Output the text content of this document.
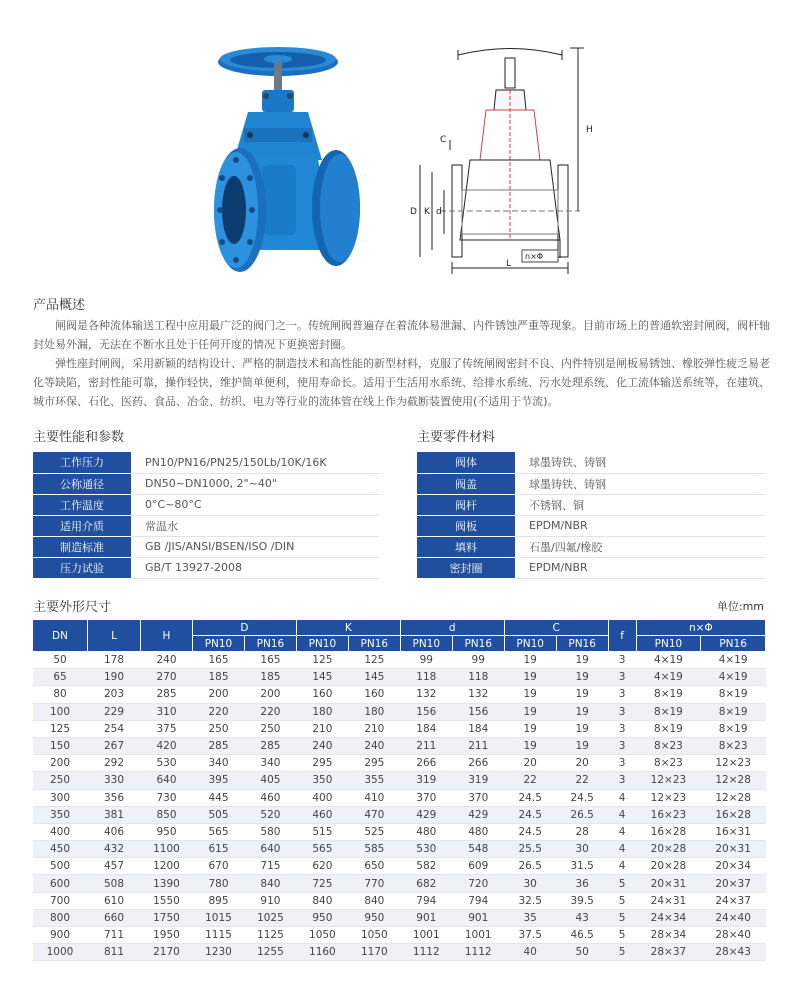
H
D K d
C
L
n×Φ
产品概述

闸阀是各种流体输送工程中应用最广泛的阀门之一。传统闸阀普遍存在着流体易泄漏、内件锈蚀严重等现象。目前市场上的普通软密封闸阀，阀杆轴封处易外漏，无法在不断水且处于任何开度的情况下更换密封圈。

弹性座封闸阀，采用新颖的结构设计、严格的制造技术和高性能的新型材料，克服了传统闸阀密封不良、内件特别是闸板易锈蚀、橡胶弹性疲乏易老化等缺陷，密封性能可靠，操作轻快，维护简单便利，使用寿命长。适用于生活用水系统、给排水系统、污水处理系统、化工流体输送系统等，在建筑、城市环保、石化、医药、食品、冶金、纺织、电力等行业的流体管在线上作为截断装置使用(不适用于节流)。

主要性能和参数
工作压力	PN10/PN16/PN25/150Lb/10K/16K
公称通径	DN50~DN1000, 2"~40"
工作温度	0°C~80°C
适用介质	常温水
制造标准	GB /JIS/ANSI/BSEN/ISO /DIN
压力试验	GB/T 13927-2008
主要零件材料
阀体	球墨铸铁、铸钢
阀盖	球墨铸铁、铸钢
阀杆	不锈钢、铜
阀板	EPDM/NBR
填料	石墨/四氟/橡胶
密封圈	EPDM/NBR
主要外形尺寸	单位:mm
DN	L	H	D		K		d		C		f	n×Φ	
			PN10	PN16	PN10	PN16	PN10	PN16	PN10	PN16		PN10	PN16
50	178	240	165	165	125	125	99	99	19	19	3	4×19	4×19
65	190	270	185	185	145	145	118	118	19	19	3	4×19	4×19
80	203	285	200	200	160	160	132	132	19	19	3	8×19	8×19
100	229	310	220	220	180	180	156	156	19	19	3	8×19	8×19
125	254	375	250	250	210	210	184	184	19	19	3	8×19	8×19
150	267	420	285	285	240	240	211	211	19	19	3	8×23	8×23
200	292	530	340	340	295	295	266	266	20	20	3	8×23	12×23
250	330	640	395	405	350	355	319	319	22	22	3	12×23	12×28
300	356	730	445	460	400	410	370	370	24.5	24.5	4	12×23	12×28
350	381	850	505	520	460	470	429	429	24.5	26.5	4	16×23	16×28
400	406	950	565	580	515	525	480	480	24.5	28	4	16×28	16×31
450	432	1100	615	640	565	585	530	548	25.5	30	4	20×28	20×31
500	457	1200	670	715	620	650	582	609	26.5	31.5	4	20×28	20×34
600	508	1390	780	840	725	770	682	720	30	36	5	20×31	20×37
700	610	1550	895	910	840	840	794	794	32.5	39.5	5	24×31	24×37
800	660	1750	1015	1025	950	950	901	901	35	43	5	24×34	24×40
900	711	1950	1115	1125	1050	1050	1001	1001	37.5	46.5	5	28×34	28×40
1000	811	2170	1230	1255	1160	1170	1112	1112	40	50	5	28×37	28×43
